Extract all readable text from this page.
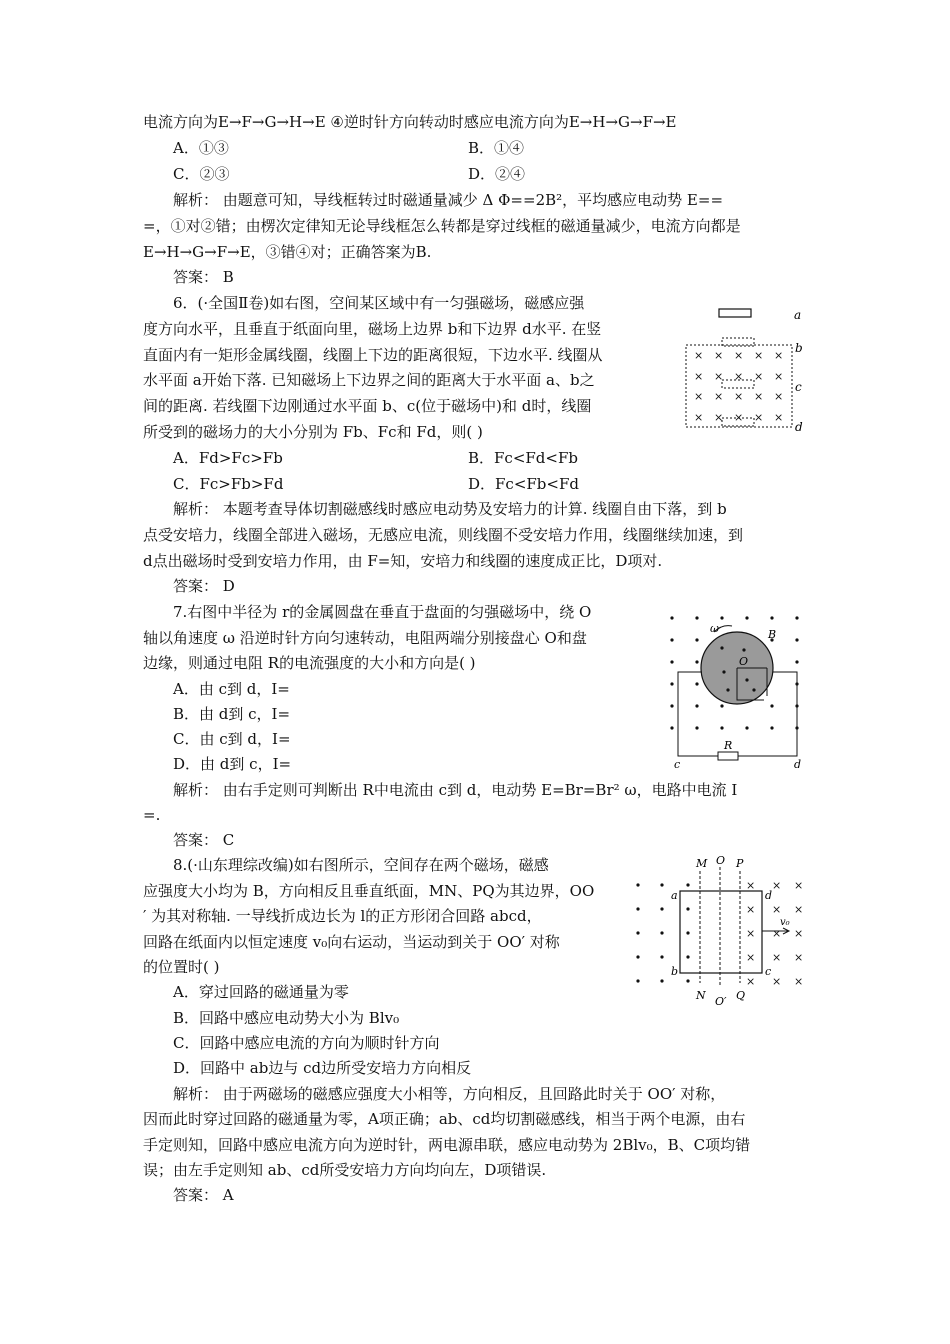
电流方向为E→F→G→H→E ④逆时针方向转动时感应电流方向为E→H→G→F→E
A．①③	B．①④
C．②③	D．②④
解析： 由题意可知，导线框转过时磁通量减少 Δ Φ==2B²，平均感应电动势 E==
=，①对②错；由楞次定律知无论导线框怎么转都是穿过线框的磁通量减少，电流方向都是
E→H→G→F→E，③错④对；正确答案为B.
答案： B
6．(·全国Ⅱ卷)如右图，空间某区域中有一匀强磁场，磁感应强
度方向水平，且垂直于纸面向里，磁场上边界 b和下边界 d水平. 在竖
直面内有一矩形金属线圈，线圈上下边的距离很短，下边水平. 线圈从
水平面 a开始下落. 已知磁场上下边界之间的距离大于水平面 a、b之
间的距离. 若线圈下边刚通过水平面 b、c(位于磁场中)和 d时，线圈
所受到的磁场力的大小分别为 Fb、Fc和 Fd，则( )
A．Fd>Fc>Fb	B．Fc<Fd<Fb
C．Fc>Fb>Fd	D．Fc<Fb<Fd
解析： 本题考查导体切割磁感线时感应电动势及安培力的计算. 线圈自由下落，到 b
点受安培力，线圈全部进入磁场，无感应电流，则线圈不受安培力作用，线圈继续加速，到
d点出磁场时受到安培力作用，由 F=知，安培力和线圈的速度成正比，D项对.
答案： D
7.右图中半径为 r的金属圆盘在垂直于盘面的匀强磁场中，绕 O
轴以角速度 ω 沿逆时针方向匀速转动，电阻两端分别接盘心 O和盘
边缘，则通过电阻 R的电流强度的大小和方向是( )
A．由 c到 d，I=
B．由 d到 c，I=
C．由 c到 d，I=
D．由 d到 c，I=
解析： 由右手定则可判断出 R中电流由 c到 d，电动势 E=Br=Br² ω，电路中电流 I
=.
答案： C
8.(·山东理综改编)如右图所示，空间存在两个磁场，磁感
应强度大小均为 B，方向相反且垂直纸面，MN、PQ为其边界，OO
′ 为其对称轴. 一导线折成边长为 l的正方形闭合回路 abcd，
回路在纸面内以恒定速度 v₀向右运动，当运动到关于 OO′ 对称
的位置时( )
A．穿过回路的磁通量为零
B．回路中感应电动势大小为 Blv₀
C．回路中感应电流的方向为顺时针方向
D．回路中 ab边与 cd边所受安培力方向相反
解析： 由于两磁场的磁感应强度大小相等，方向相反，且回路此时关于 OO′ 对称，
因而此时穿过回路的磁通量为零，A项正确；ab、cd均切割磁感线，相当于两个电源，由右
手定则知，回路中感应电流方向为逆时针，两电源串联，感应电动势为 2Blv₀，B、C项均错
误；由左手定则知 ab、cd所受安培力方向均向左，D项错误.
答案： A
× × × × ×
× × × × ×
× × × × ×
× × × × ×
a
b
c
d
ω	B
O
R
c	d
× × ×
× × ×
× × ×
× × ×
× × ×
M O P
a	d
v₀
b	c
N O′ Q
